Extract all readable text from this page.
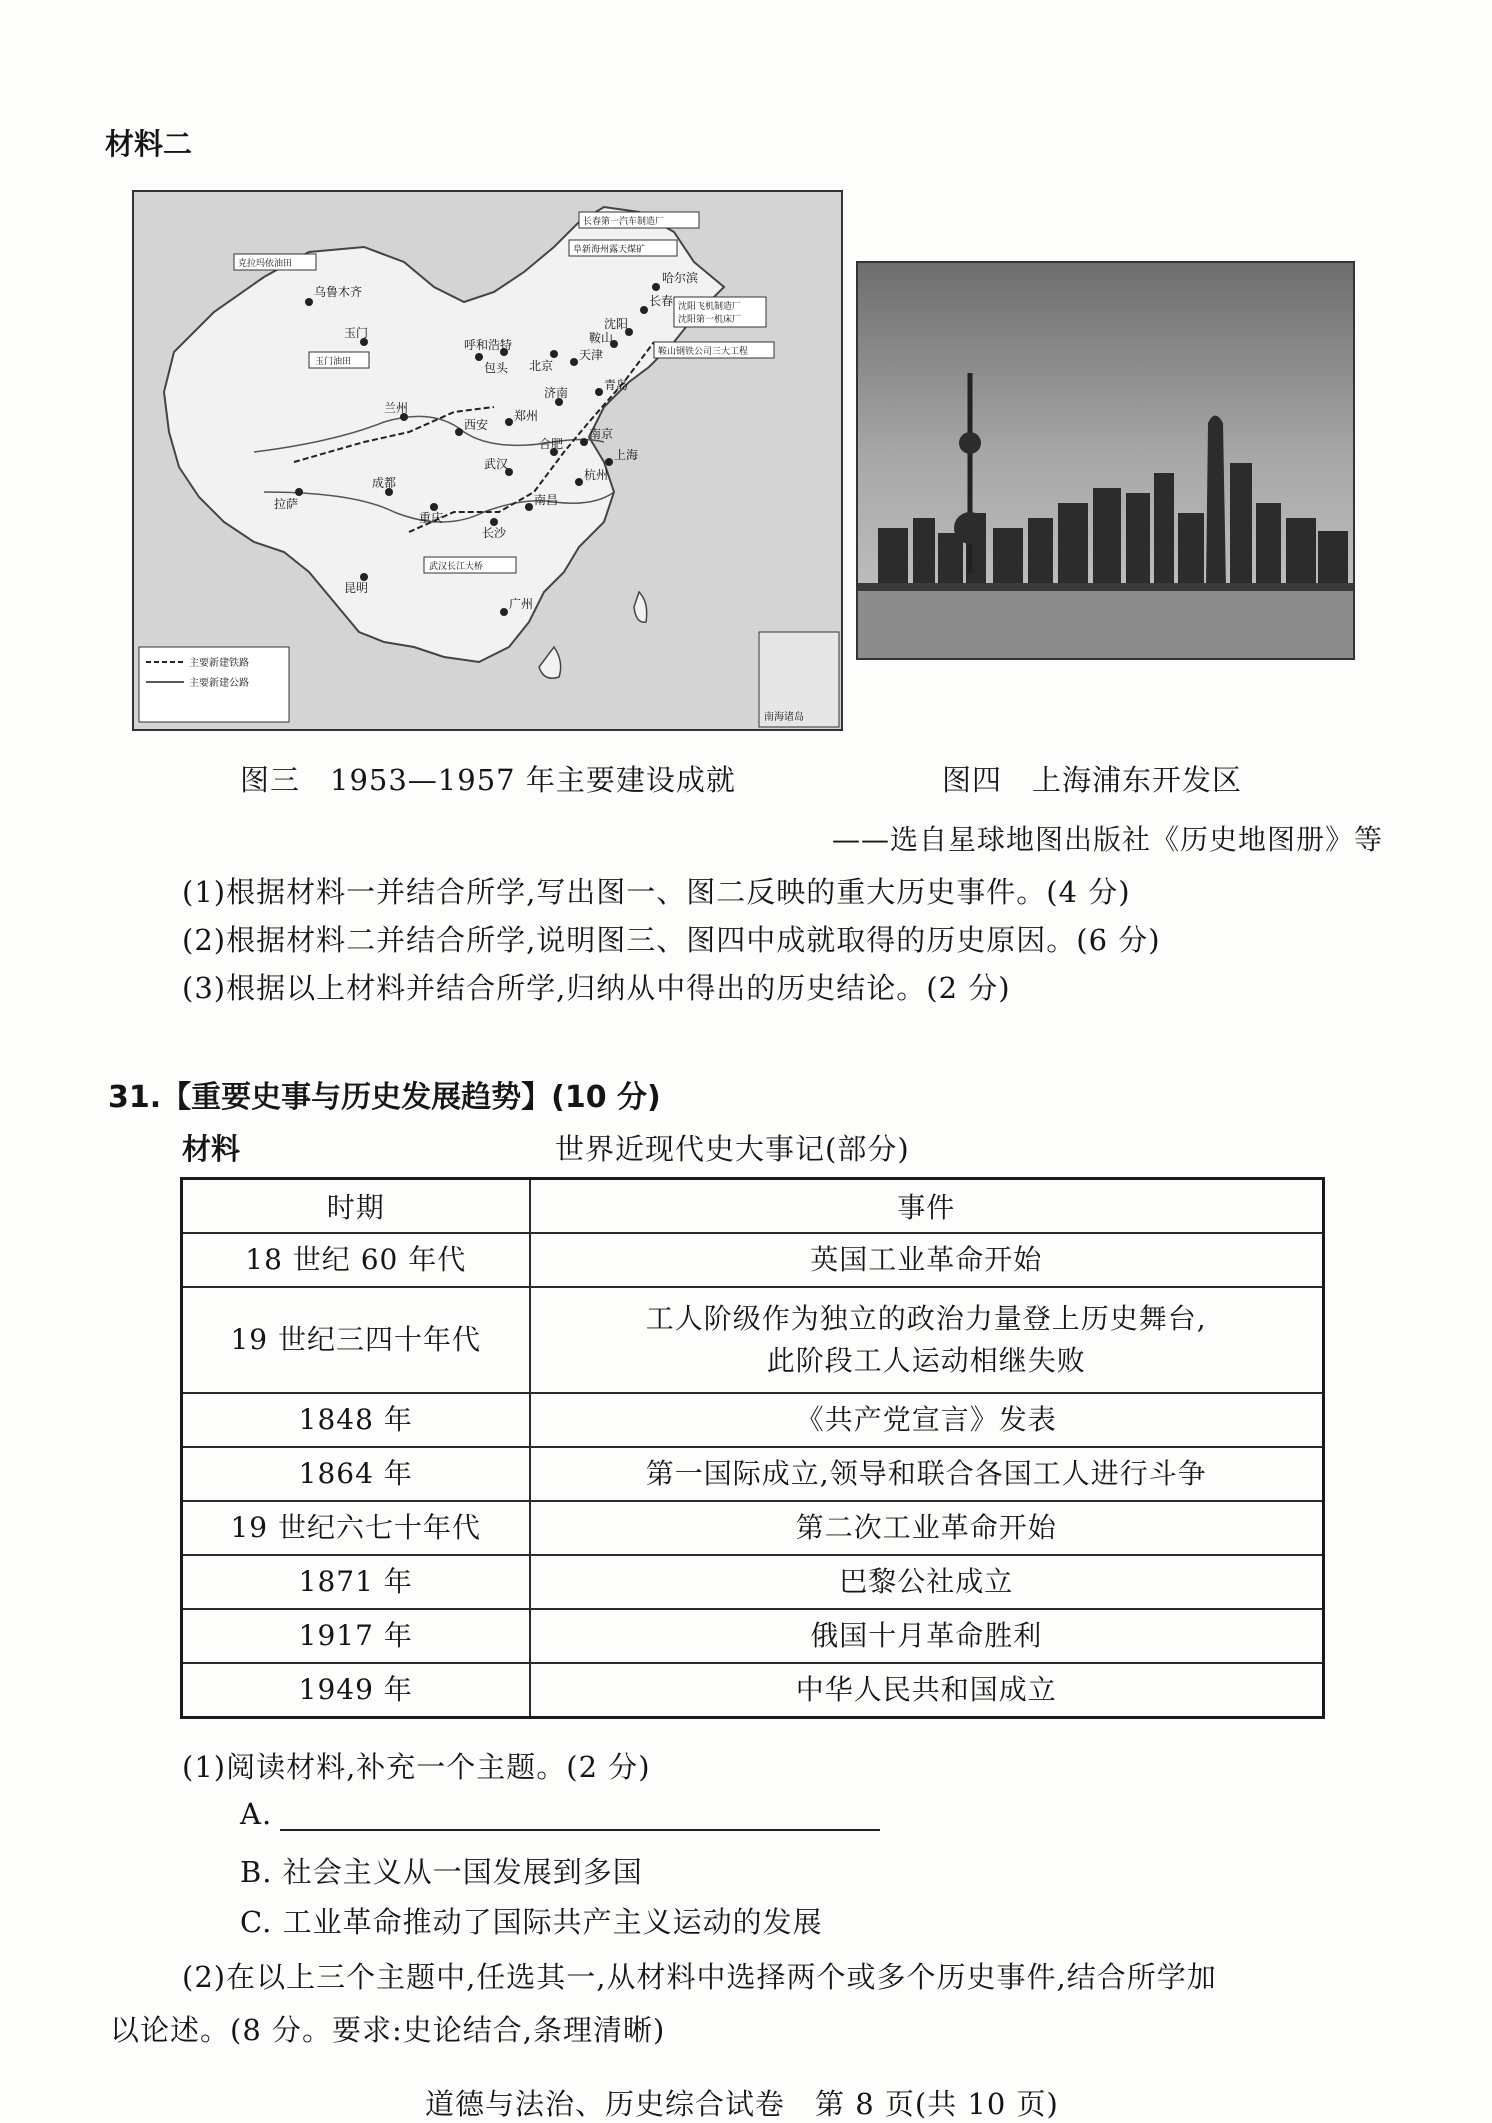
材料二
乌鲁木齐
哈尔滨
长春
沈阳
鞍山
北京
天津
呼和浩特
兰州
西安
郑州
济南
青岛
成都
重庆
武汉
长沙
南昌
杭州
上海
合肥
南京
昆明
广州
拉萨
玉门
包头
克拉玛依油田
长春第一汽车制造厂
阜新海州露天煤矿
沈阳飞机制造厂
沈阳第一机床厂
鞍山钢铁公司三大工程
武汉长江大桥
玉门油田
主要新建铁路
主要新建公路
南海诸岛
图三　1953—1957 年主要建设成就	图四　上海浦东开发区
——选自星球地图出版社《历史地图册》等
(1)根据材料一并结合所学,写出图一、图二反映的重大历史事件。(4 分)
(2)根据材料二并结合所学,说明图三、图四中成就取得的历史原因。(6 分)
(3)根据以上材料并结合所学,归纳从中得出的历史结论。(2 分)
31.【重要史事与历史发展趋势】(10 分)
材料	世界近现代史大事记(部分)
时期	事件
18 世纪 60 年代	英国工业革命开始
19 世纪三四十年代	工人阶级作为独立的政治力量登上历史舞台,
此阶段工人运动相继失败

1848 年	《共产党宣言》发表
1864 年	第一国际成立,领导和联合各国工人进行斗争
19 世纪六七十年代	第二次工业革命开始
1871 年	巴黎公社成立
1917 年	俄国十月革命胜利
1949 年	中华人民共和国成立
(1)阅读材料,补充一个主题。(2 分)
A.
B. 社会主义从一国发展到多国
C. 工业革命推动了国际共产主义运动的发展
(2)在以上三个主题中,任选其一,从材料中选择两个或多个历史事件,结合所学加
以论述。(8 分。要求:史论结合,条理清晰)
道德与法治、历史综合试卷　第 8 页(共 10 页)
